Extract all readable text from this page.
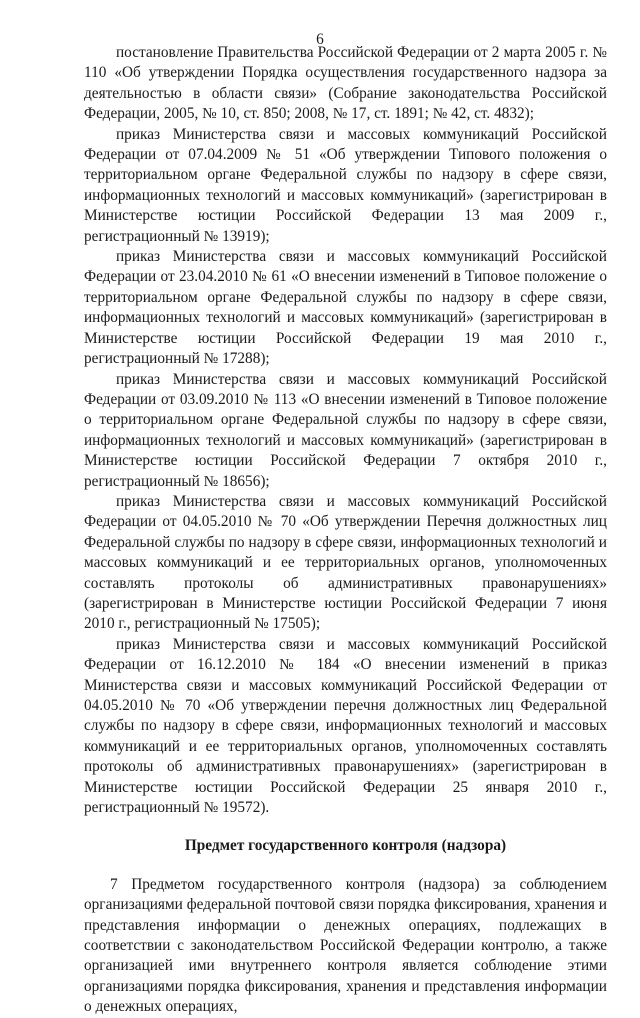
6

постановление Правительства Российской Федерации от 2 марта 2005 г. № 110 «Об утверждении Порядка осуществления государственного надзора за деятельностью в области связи» (Собрание законодательства Российской Федерации, 2005, № 10, ст. 850; 2008, № 17, ст. 1891; № 42, ст. 4832);

приказ Министерства связи и массовых коммуникаций Российской Федерации от 07.04.2009 № 51 «Об утверждении Типового положения о территориальном органе Федеральной службы по надзору в сфере связи, информационных технологий и массовых коммуникаций» (зарегистрирован в Министерстве юстиции Российской Федерации 13 мая 2009 г., регистрационный № 13919);

приказ Министерства связи и массовых коммуникаций Российской Федерации от 23.04.2010 № 61 «О внесении изменений в Типовое положение о территориальном органе Федеральной службы по надзору в сфере связи, информационных технологий и массовых коммуникаций» (зарегистрирован в Министерстве юстиции Российской Федерации 19 мая 2010 г., регистрационный № 17288);

приказ Министерства связи и массовых коммуникаций Российской Федерации от 03.09.2010 № 113 «О внесении изменений в Типовое положение о территориальном органе Федеральной службы по надзору в сфере связи, информационных технологий и массовых коммуникаций» (зарегистрирован в Министерстве юстиции Российской Федерации 7 октября 2010 г., регистрационный № 18656);

приказ Министерства связи и массовых коммуникаций Российской Федерации от 04.05.2010 № 70 «Об утверждении Перечня должностных лиц Федеральной службы по надзору в сфере связи, информационных технологий и массовых коммуникаций и ее территориальных органов, уполномоченных составлять протоколы об административных правонарушениях» (зарегистрирован в Министерстве юстиции Российской Федерации 7 июня 2010 г., регистрационный № 17505);

приказ Министерства связи и массовых коммуникаций Российской Федерации от 16.12.2010 № 184 «О внесении изменений в приказ Министерства связи и массовых коммуникаций Российской Федерации от 04.05.2010 № 70 «Об утверждении перечня должностных лиц Федеральной службы по надзору в сфере связи, информационных технологий и массовых коммуникаций и ее территориальных органов, уполномоченных составлять протоколы об административных правонарушениях» (зарегистрирован в Министерстве юстиции Российской Федерации 25 января 2010 г., регистрационный № 19572).

Предмет государственного контроля (надзора)

7 Предметом государственного контроля (надзора) за соблюдением организациями федеральной почтовой связи порядка фиксирования, хранения и представления информации о денежных операциях, подлежащих в соответствии с законодательством Российской Федерации контролю, а также организацией ими внутреннего контроля является соблюдение этими организациями порядка фиксирования, хранения и представления информации о денежных операциях,
